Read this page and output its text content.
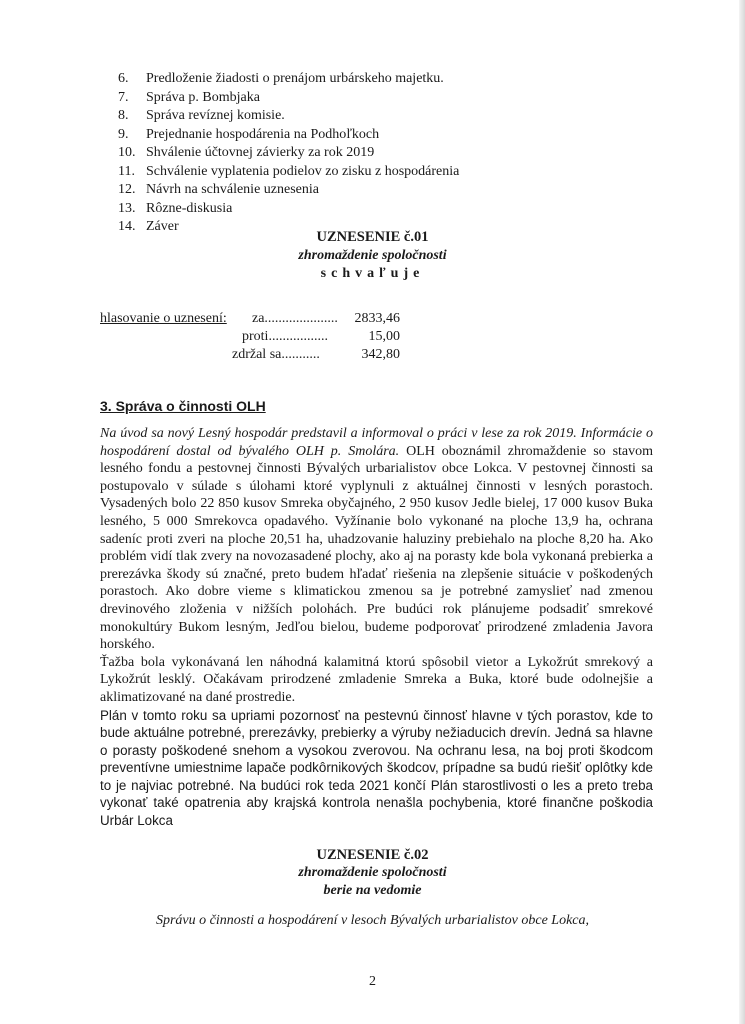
6. Predloženie žiadosti o prenájom urbárskeho majetku.
7. Správa p. Bombjaka
8. Správa revíznej komisie.
9. Prejednanie hospodárenia na Podhoľkoch
10. Shválenie účtovnej závierky za rok 2019
11. Schválenie vyplatenia podielov zo zisku z hospodárenia
12. Návrh na schválenie uznesenia
13. Rôzne-diskusia
14. Záver
UZNESENIE č.01
zhromaždenie spoločnosti
schvaľuje
hlasovanie o uznesení: za.....................	2833,46
proti.................	15,00
zdržal sa...........	342,80
3. Správa o činnosti OLH

Na úvod sa nový Lesný hospodár predstavil a informoval o práci v lese za rok 2019. Informácie o hospodárení dostal od bývalého OLH p. Smolára. OLH oboznámil zhromaždenie so stavom lesného fondu a pestovnej činnosti Bývalých urbarialistov obce Lokca. V pestovnej činnosti sa postupovalo v súlade s úlohami ktoré vyplynuli z aktuálnej činnosti v lesných porastoch. Vysadených bolo 22 850 kusov Smreka obyčajného, 2 950 kusov Jedle bielej, 17 000 kusov Buka lesného, 5 000 Smrekovca opadavého. Vyžínanie bolo vykonané na ploche 13,9 ha, ochrana sadeníc proti zveri na ploche 20,51 ha, uhadzovanie haluziny prebiehalo na ploche 8,20 ha. Ako problém vidí tlak zvery na novozasadené plochy, ako aj na porasty kde bola vykonaná prebierka a prerezávka škody sú značné, preto budem hľadať riešenia na zlepšenie situácie v poškodených porastoch. Ako dobre vieme s klimatickou zmenou sa je potrebné zamyslieť nad zmenou drevinového zloženia v nižších polohách. Pre budúci rok plánujeme podsadiť smrekové monokultúry Bukom lesným, Jedľou bielou, budeme podporovať prirodzené zmladenia Javora horského.

Ťažba bola vykonávaná len náhodná kalamitná ktorú spôsobil vietor a Lykožrút smrekový a Lykožrút lesklý. Očakávam prirodzené zmladenie Smreka a Buka, ktoré bude odolnejšie a aklimatizované na dané prostredie.

Plán v tomto roku sa upriami pozornosť na pestevnú činnosť hlavne v tých porastov, kde to bude aktuálne potrebné, prerezávky, prebierky a výruby nežiaducich drevín. Jedná sa hlavne o porasty poškodené snehom a vysokou zverovou. Na ochranu lesa, na boj proti škodcom preventívne umiestnime lapače podkôrnikových škodcov, prípadne sa budú riešiť oplôtky kde to je najviac potrebné. Na budúci rok teda 2021 končí Plán starostlivosti o les a preto treba vykonať také opatrenia aby krajská kontrola nenašla pochybenia, ktoré finančne poškodia Urbár Lokca

UZNESENIE č.02
zhromaždenie spoločnosti
berie na vedomie
Správu o činnosti a hospodárení v lesoch Bývalých urbarialistov obce Lokca,
2
